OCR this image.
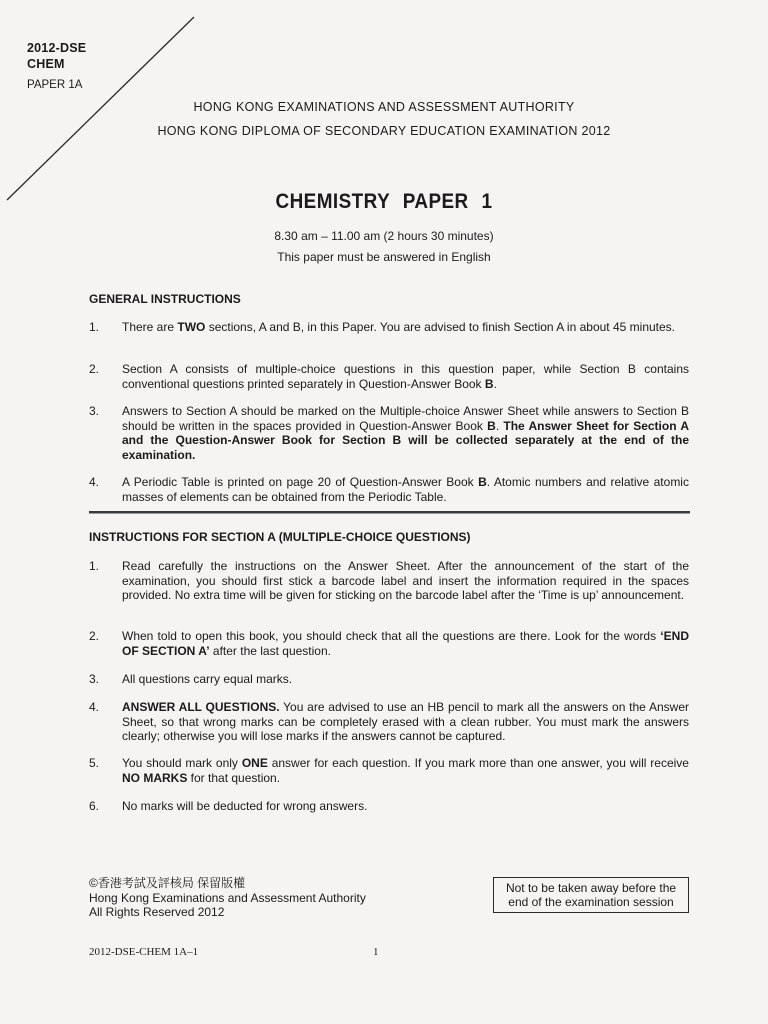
2012-DSE
CHEM
PAPER 1A
HONG KONG EXAMINATIONS AND ASSESSMENT AUTHORITY
HONG KONG DIPLOMA OF SECONDARY EDUCATION EXAMINATION 2012
CHEMISTRY PAPER 1
8.30 am – 11.00 am (2 hours 30 minutes)
This paper must be answered in English
GENERAL INSTRUCTIONS
1.	There are TWO sections, A and B, in this Paper. You are advised to finish Section A in about 45 minutes.
2.	Section A consists of multiple-choice questions in this question paper, while Section B contains conventional questions printed separately in Question-Answer Book B.
3.	Answers to Section A should be marked on the Multiple-choice Answer Sheet while answers to Section B should be written in the spaces provided in Question-Answer Book B. The Answer Sheet for Section A and the Question-Answer Book for Section B will be collected separately at the end of the examination.
4.	A Periodic Table is printed on page 20 of Question-Answer Book B. Atomic numbers and relative atomic masses of elements can be obtained from the Periodic Table.
INSTRUCTIONS FOR SECTION A (MULTIPLE-CHOICE QUESTIONS)
1.	Read carefully the instructions on the Answer Sheet. After the announcement of the start of the examination, you should first stick a barcode label and insert the information required in the spaces provided. No extra time will be given for sticking on the barcode label after the ‘Time is up’ announcement.
2.	When told to open this book, you should check that all the questions are there. Look for the words ‘END OF SECTION A’ after the last question.
3.	All questions carry equal marks.
4.	ANSWER ALL QUESTIONS. You are advised to use an HB pencil to mark all the answers on the Answer Sheet, so that wrong marks can be completely erased with a clean rubber. You must mark the answers clearly; otherwise you will lose marks if the answers cannot be captured.
5.	You should mark only ONE answer for each question. If you mark more than one answer, you will receive NO MARKS for that question.
6.	No marks will be deducted for wrong answers.
©香港考試及評核局 保留版權
Hong Kong Examinations and Assessment Authority
All Rights Reserved 2012
Not to be taken away before the
end of the examination session
2012-DSE-CHEM 1A–1	1
